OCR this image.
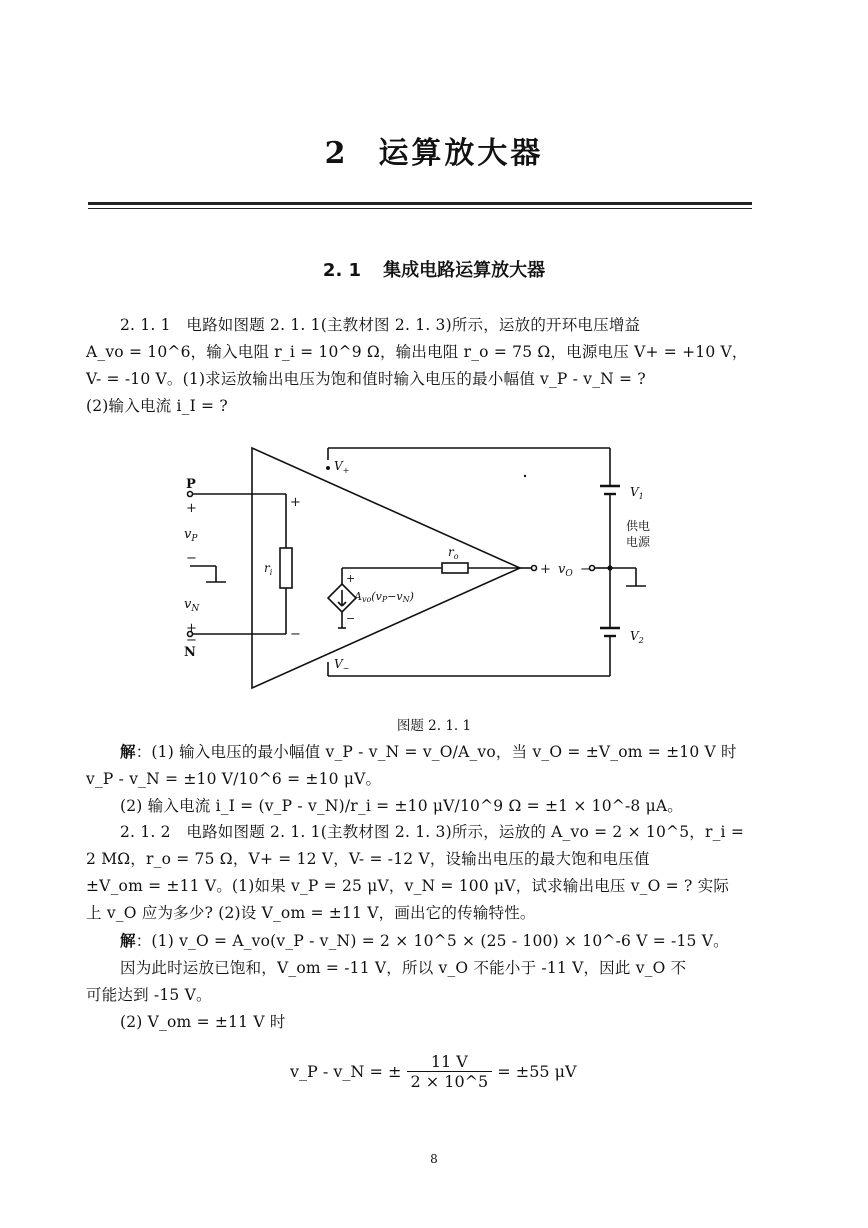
2 运算放大器
2. 1 集成电路运算放大器
2. 1. 1　电路如图题 2. 1. 1(主教材图 2. 1. 3)所示，运放的开环电压增益
A_vo = 10^6，输入电阻 r_i = 10^9 Ω，输出电阻 r_o = 75 Ω，电源电压 V+ = +10 V，
V- = -10 V。(1)求运放输出电压为饱和值时输入电压的最小幅值 v_P - v_N = ?
(2)输入电流 i_I = ?
P
+
$v_P$
−
$v_N$
+
−
N
+
−
$r_i$
$r_o$
+
−
Avo(vP−vN)
$V_+$
$V_-$
+ $v_O$ −
$V_1$
$V_2$
供电
电源
图题 2. 1. 1
解：(1) 输入电压的最小幅值 v_P - v_N = v_O/A_vo，当 v_O = ±V_om = ±10 V 时
v_P - v_N = ±10 V/10^6 = ±10 μV。
(2) 输入电流 i_I = (v_P - v_N)/r_i = ±10 μV/10^9 Ω = ±1 × 10^-8 μA。
2. 1. 2　电路如图题 2. 1. 1(主教材图 2. 1. 3)所示，运放的 A_vo = 2 × 10^5，r_i =
2 MΩ，r_o = 75 Ω，V+ = 12 V，V- = -12 V，设输出电压的最大饱和电压值
±V_om = ±11 V。(1)如果 v_P = 25 μV，v_N = 100 μV，试求输出电压 v_O = ? 实际
上 v_O 应为多少? (2)设 V_om = ±11 V，画出它的传输特性。
解：(1) v_O = A_vo(v_P - v_N) = 2 × 10^5 × (25 - 100) × 10^-6 V = -15 V。
因为此时运放已饱和，V_om = -11 V，所以 v_O 不能小于 -11 V，因此 v_O 不
可能达到 -15 V。
(2) V_om = ±11 V 时
v_P - v_N = ± $\frac{11 V}{2 \times 10\^{}5} = \pm 55$ μV
8
